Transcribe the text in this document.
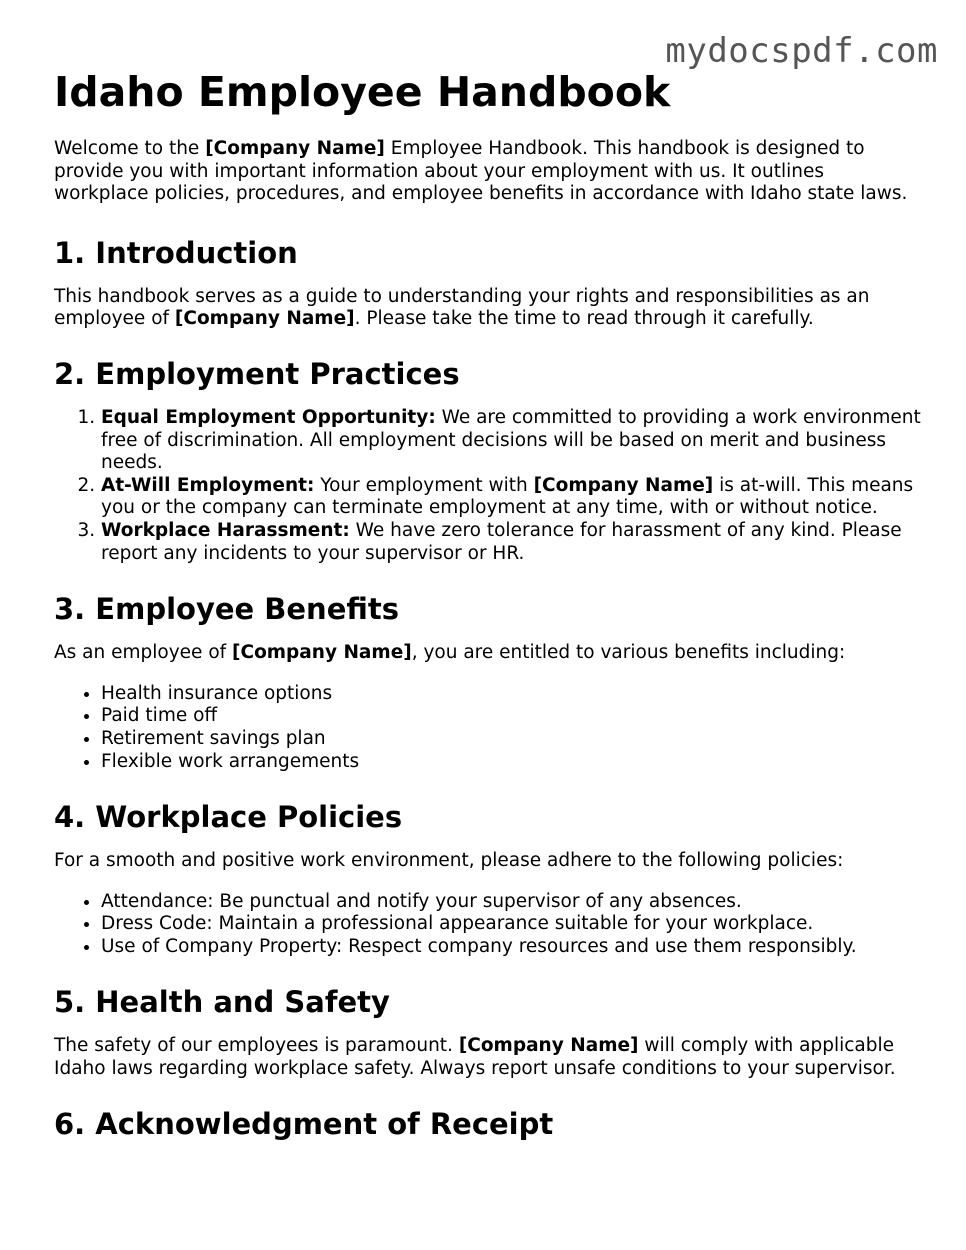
mydocspdf.com
Idaho Employee Handbook

Welcome to the [Company Name] Employee Handbook. This handbook is designed to provide you with important information about your employment with us. It outlines workplace policies, procedures, and employee benefits in accordance with Idaho state laws.

1. Introduction

This handbook serves as a guide to understanding your rights and responsibilities as an employee of [Company Name]. Please take the time to read through it carefully.

2. Employment Practices
1. Equal Employment Opportunity: We are committed to providing a work environment free of discrimination. All employment decisions will be based on merit and business needs.
2. At-Will Employment: Your employment with [Company Name] is at-will. This means you or the company can terminate employment at any time, with or without notice.
3. Workplace Harassment: We have zero tolerance for harassment of any kind. Please report any incidents to your supervisor or HR.
3. Employee Benefits

As an employee of [Company Name], you are entitled to various benefits including:

• Health insurance options
• Paid time off
• Retirement savings plan
• Flexible work arrangements
4. Workplace Policies

For a smooth and positive work environment, please adhere to the following policies:

• Attendance: Be punctual and notify your supervisor of any absences.
• Dress Code: Maintain a professional appearance suitable for your workplace.
• Use of Company Property: Respect company resources and use them responsibly.
5. Health and Safety

The safety of our employees is paramount. [Company Name] will comply with applicable Idaho laws regarding workplace safety. Always report unsafe conditions to your supervisor.

6. Acknowledgment of Receipt
